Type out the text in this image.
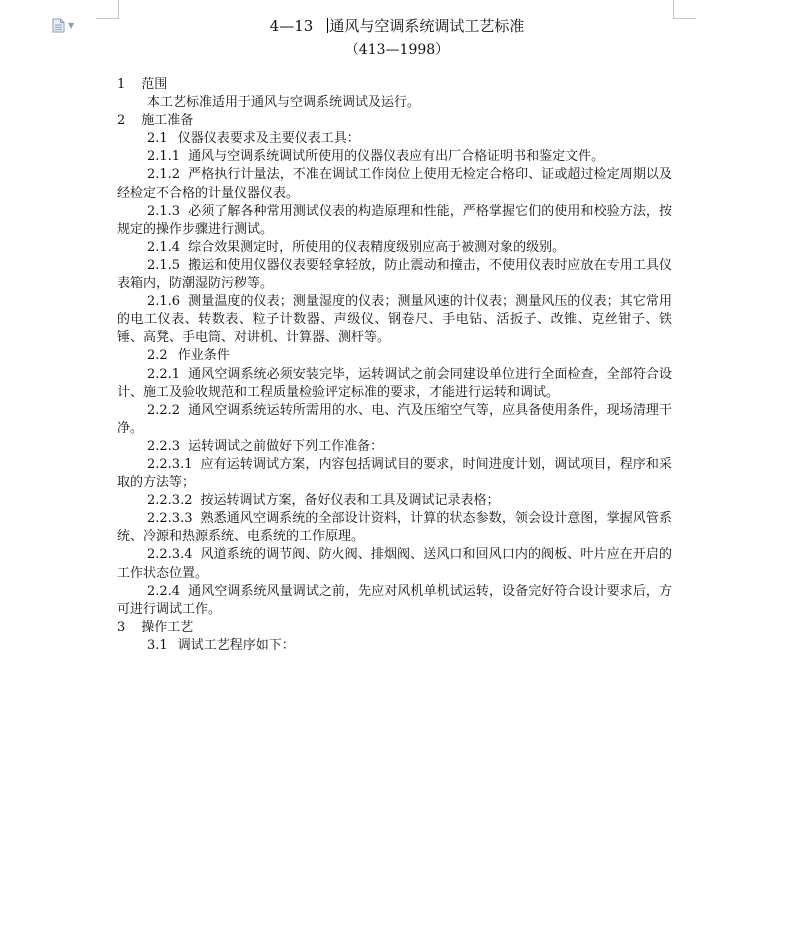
▼	4—13 通风与空调系统调试工艺标准
（413—1998）

1 范围

本工艺标准适用于通风与空调系统调试及运行。

2 施工准备

2.1 仪器仪表要求及主要仪表工具：

2.1.1 通风与空调系统调试所使用的仪器仪表应有出厂合格证明书和鉴定文件。

2.1.2 严格执行计量法，不准在调试工作岗位上使用无检定合格印、证或超过检定周期以及经检定不合格的计量仪器仪表。

2.1.3 必须了解各种常用测试仪表的构造原理和性能，严格掌握它们的使用和校验方法，按规定的操作步骤进行测试。

2.1.4 综合效果测定时，所使用的仪表精度级别应高于被测对象的级别。

2.1.5 搬运和使用仪器仪表要轻拿轻放，防止震动和撞击，不使用仪表时应放在专用工具仪表箱内，防潮湿防污秽等。

2.1.6 测量温度的仪表；测量湿度的仪表；测量风速的计仪表；测量风压的仪表；其它常用的电工仪表、转数表、粒子计数器、声级仪、钢卷尺、手电钻、活扳子、改锥、克丝钳子、铁锤、高凳、手电筒、对讲机、计算器、测杆等。

2.2 作业条件

2.2.1 通风空调系统必须安装完毕，运转调试之前会同建设单位进行全面检查，全部符合设计、施工及验收规范和工程质量检验评定标准的要求，才能进行运转和调试。

2.2.2 通风空调系统运转所需用的水、电、汽及压缩空气等，应具备使用条件，现场清理干净。

2.2.3 运转调试之前做好下列工作准备：

2.2.3.1 应有运转调试方案，内容包括调试目的要求，时间进度计划，调试项目，程序和采取的方法等；

2.2.3.2 按运转调试方案，备好仪表和工具及调试记录表格；

2.2.3.3 熟悉通风空调系统的全部设计资料，计算的状态参数，领会设计意图，掌握风管系统、冷源和热源系统、电系统的工作原理。

2.2.3.4 风道系统的调节阀、防火阀、排烟阀、送风口和回风口内的阀板、叶片应在开启的工作状态位置。

2.2.4 通风空调系统风量调试之前，先应对风机单机试运转，设备完好符合设计要求后，方可进行调试工作。

3 操作工艺

3.1 调试工艺程序如下：
